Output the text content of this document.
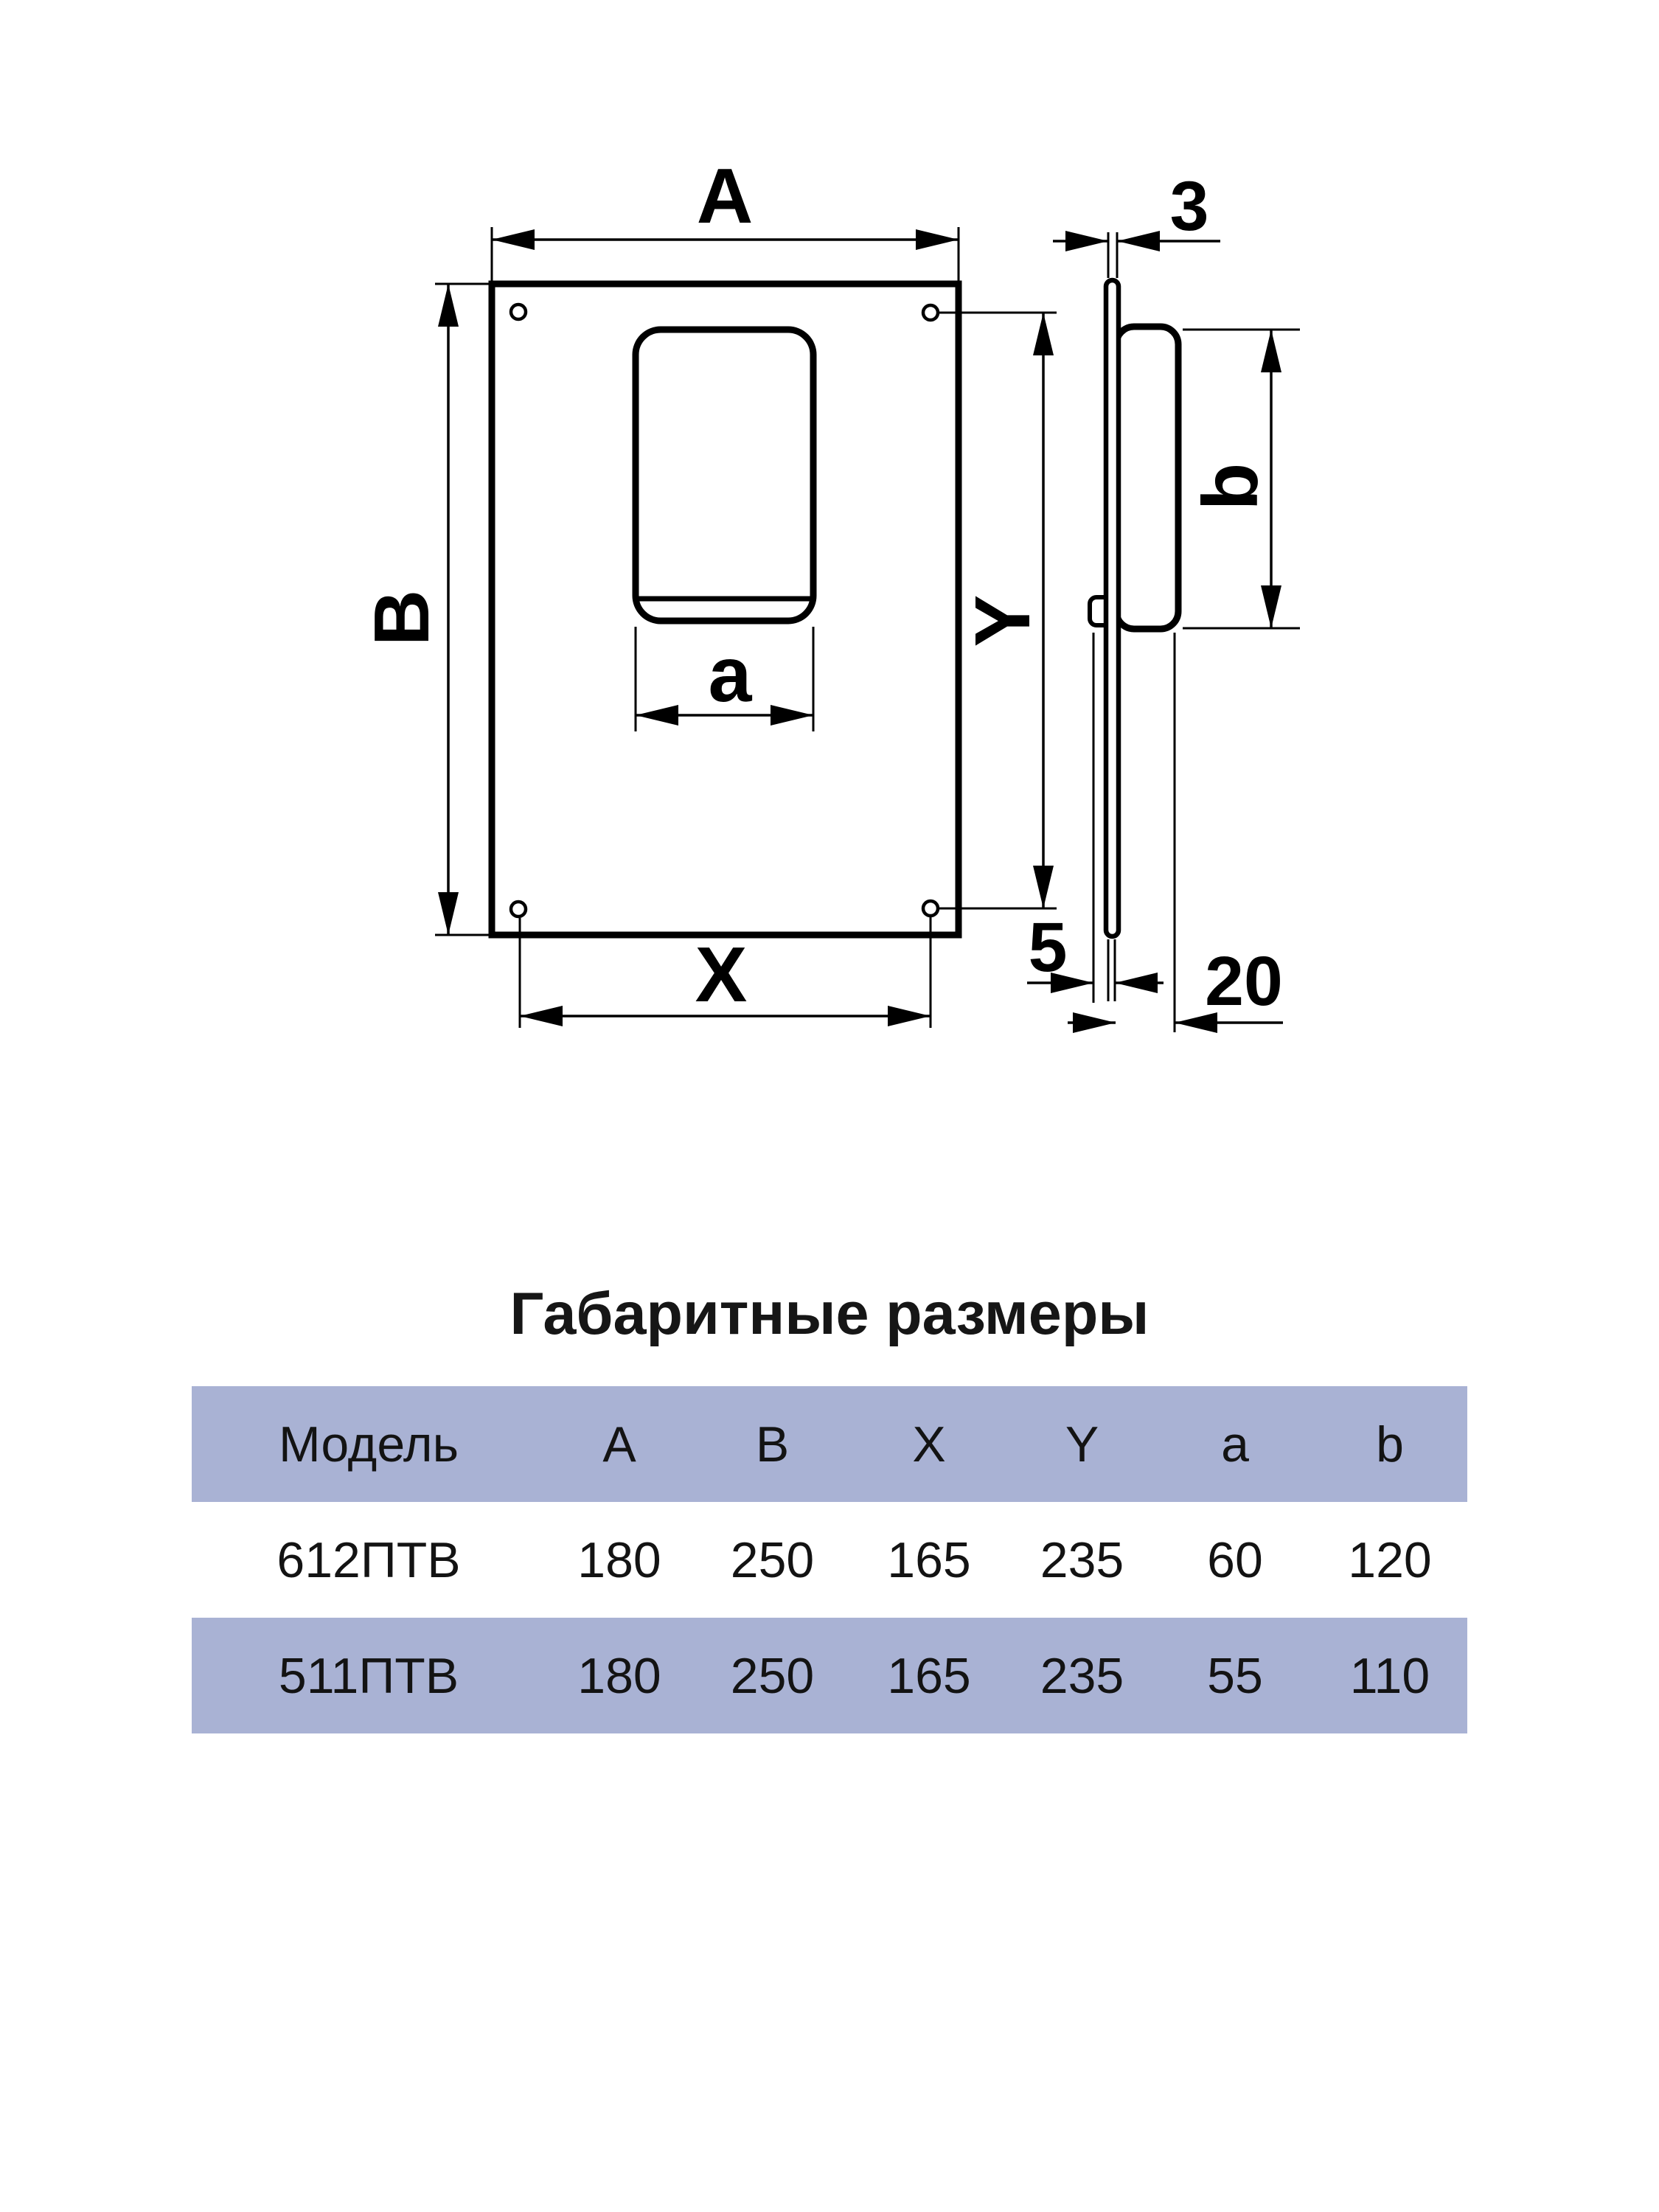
A
B
X
Y
a
3
b
5 20
Габаритные размеры
Модель	A	B	X	Y	a	b
612ПТВ	180	250	165	235	60	120
511ПТВ	180	250	165	235	55	110
